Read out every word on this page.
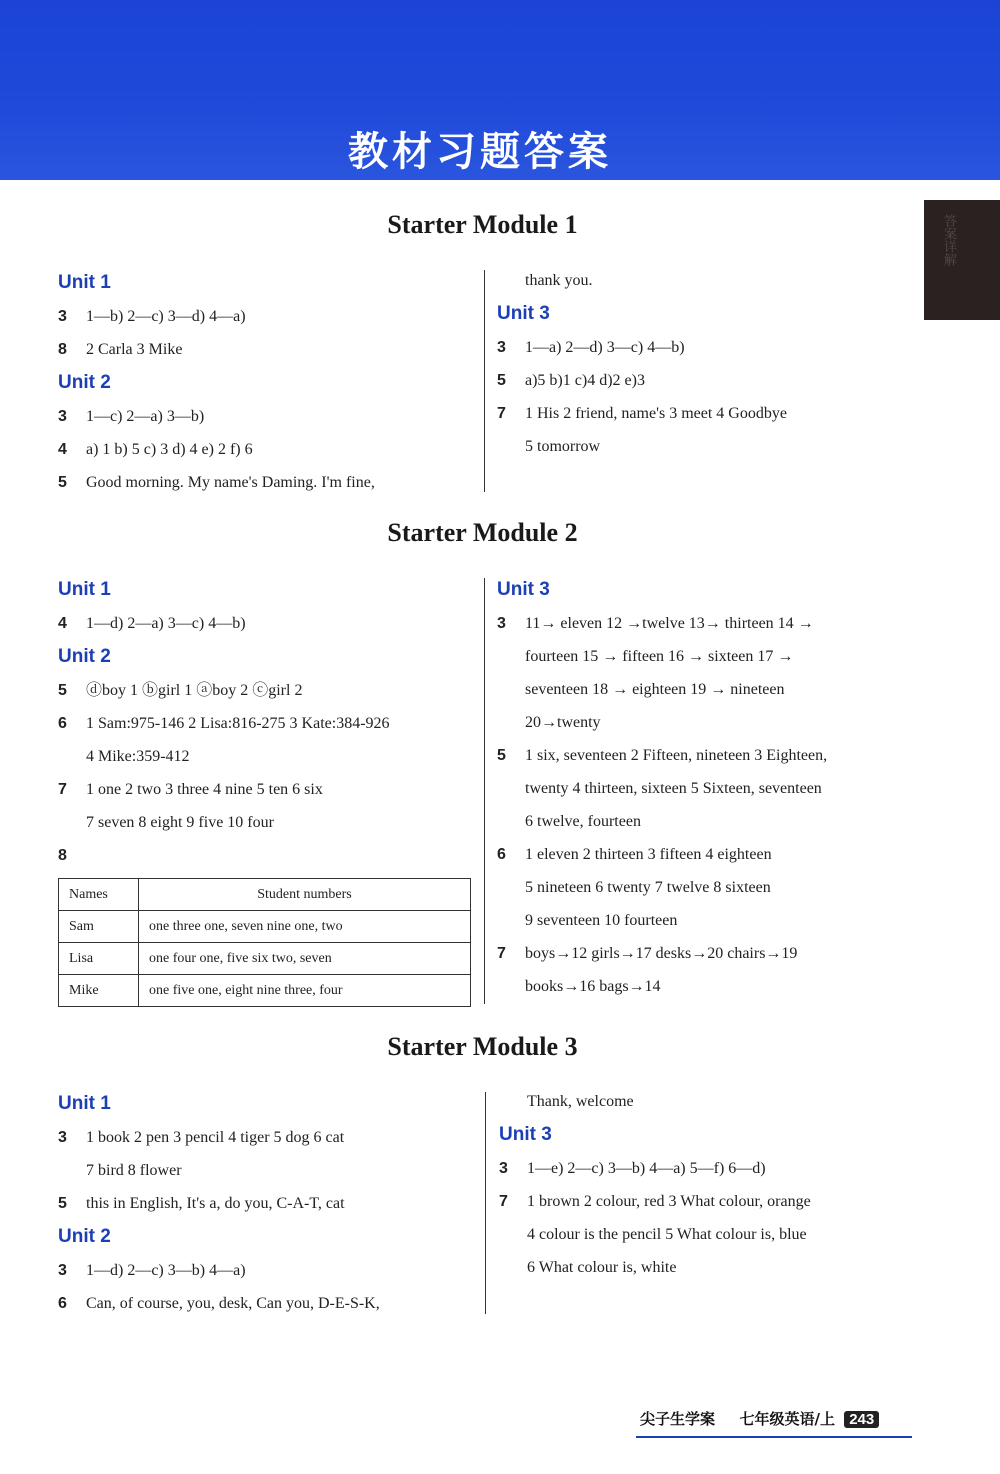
教材习题答案
答案详解
Starter Module 1
Unit 1
3 1—b) 2—c) 3—d) 4—a)
8 2 Carla 3 Mike
Unit 2
3 1—c) 2—a) 3—b)
4 a) 1 b) 5 c) 3 d) 4 e) 2 f) 6
5 Good morning. My name's Daming. I'm fine,
thank you.
Unit 3
3 1—a) 2—d) 3—c) 4—b)
5 a)5 b)1 c)4 d)2 e)3
7 1 His 2 friend, name's 3 meet 4 Goodbye
5 tomorrow
Starter Module 2
Unit 1
4 1—d) 2—a) 3—c) 4—b)
Unit 2
5 ⓓboy 1 ⓑgirl 1 ⓐboy 2 ⓒgirl 2
6 1 Sam:975-146 2 Lisa:816-275 3 Kate:384-926
4 Mike:359-412
7 1 one 2 two 3 three 4 nine 5 ten 6 six
7 seven 8 eight 9 five 10 four
8
Names	Student numbers
Sam	one three one, seven nine one, two
Lisa	one four one, five six two, seven
Mike	one five one, eight nine three, four
Unit 3
3 11→ eleven 12 →twelve 13→ thirteen 14 →
fourteen 15 → fifteen 16 → sixteen 17 →
seventeen 18 → eighteen 19 → nineteen
20→twenty
5 1 six, seventeen 2 Fifteen, nineteen 3 Eighteen,
twenty 4 thirteen, sixteen 5 Sixteen, seventeen
6 twelve, fourteen
6 1 eleven 2 thirteen 3 fifteen 4 eighteen
5 nineteen 6 twenty 7 twelve 8 sixteen
9 seventeen 10 fourteen
7 boys→12 girls→17 desks→20 chairs→19
books→16 bags→14
Starter Module 3
Unit 1
3 1 book 2 pen 3 pencil 4 tiger 5 dog 6 cat
7 bird 8 flower
5 this in English, It's a, do you, C-A-T, cat
Unit 2
3 1—d) 2—c) 3—b) 4—a)
6 Can, of course, you, desk, Can you, D-E-S-K,
Thank, welcome
Unit 3
3 1—e) 2—c) 3—b) 4—a) 5—f) 6—d)
7 1 brown 2 colour, red 3 What colour, orange
4 colour is the pencil 5 What colour is, blue
6 What colour is, white
尖子生学案 七年级英语/上 243
